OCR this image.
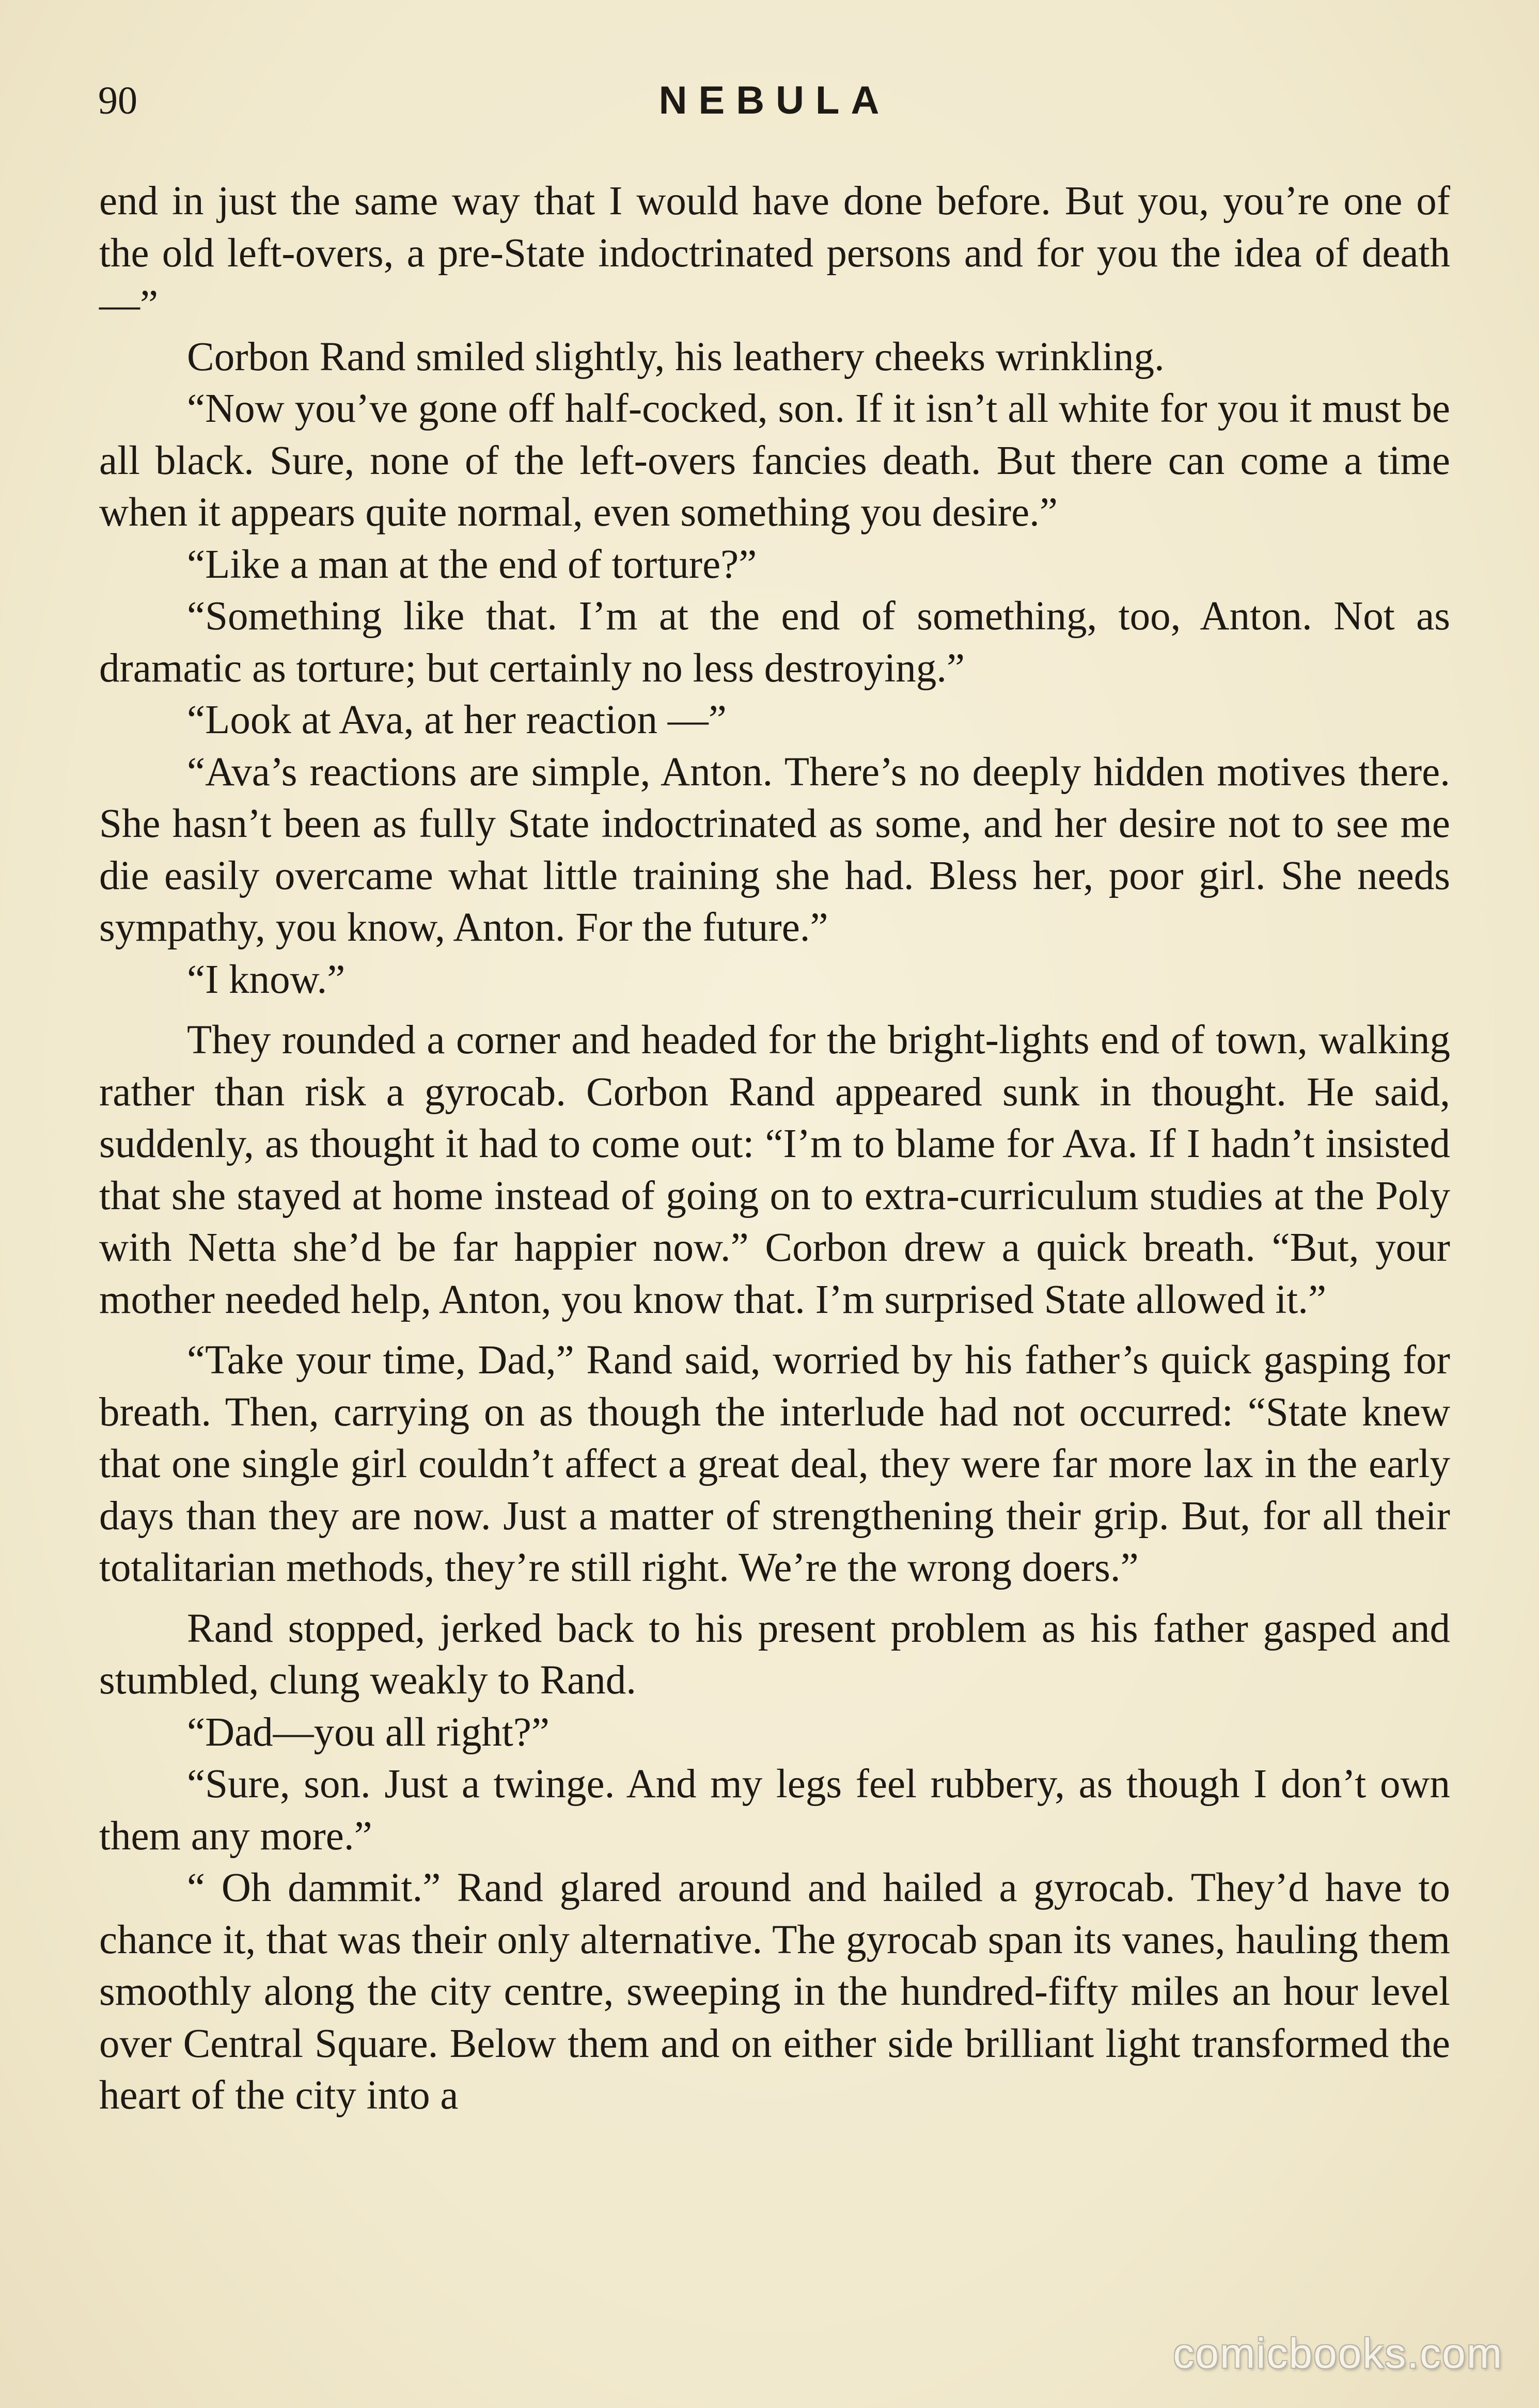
90	NEBULA

end in just the same way that I would have done before. But you, you’re one of the old left-overs, a pre-State indoctrinated persons and for you the idea of death —”

Corbon Rand smiled slightly, his leathery cheeks wrinkling.

“Now you’ve gone off half-cocked, son. If it isn’t all white for you it must be all black. Sure, none of the left-overs fancies death. But there can come a time when it appears quite normal, even something you desire.”

“Like a man at the end of torture?”

“Something like that. I’m at the end of something, too, Anton. Not as dramatic as torture; but certainly no less destroying.”

“Look at Ava, at her reaction —”

“Ava’s reactions are simple, Anton. There’s no deeply hidden motives there. She hasn’t been as fully State indoctrinated as some, and her desire not to see me die easily overcame what little training she had. Bless her, poor girl. She needs sympathy, you know, Anton. For the future.”

“I know.”

They rounded a corner and headed for the bright-lights end of town, walking rather than risk a gyrocab. Corbon Rand appeared sunk in thought. He said, suddenly, as thought it had to come out: “I’m to blame for Ava. If I hadn’t insisted that she stayed at home instead of going on to extra-curriculum studies at the Poly with Netta she’d be far happier now.” Corbon drew a quick breath. “But, your mother needed help, Anton, you know that. I’m surprised State allowed it.”

“Take your time, Dad,” Rand said, worried by his father’s quick gasping for breath. Then, carrying on as though the interlude had not occurred: “State knew that one single girl couldn’t affect a great deal, they were far more lax in the early days than they are now. Just a matter of strengthening their grip. But, for all their totalitarian methods, they’re still right. We’re the wrong doers.”

Rand stopped, jerked back to his present problem as his father gasped and stumbled, clung weakly to Rand.

“Dad—you all right?”

“Sure, son. Just a twinge. And my legs feel rubbery, as though I don’t own them any more.”

“ Oh dammit.” Rand glared around and hailed a gyrocab. They’d have to chance it, that was their only alternative. The gyrocab span its vanes, hauling them smoothly along the city centre, sweeping in the hundred-fifty miles an hour level over Central Square. Below them and on either side brilliant light transformed the heart of the city into a

comicbooks.com
